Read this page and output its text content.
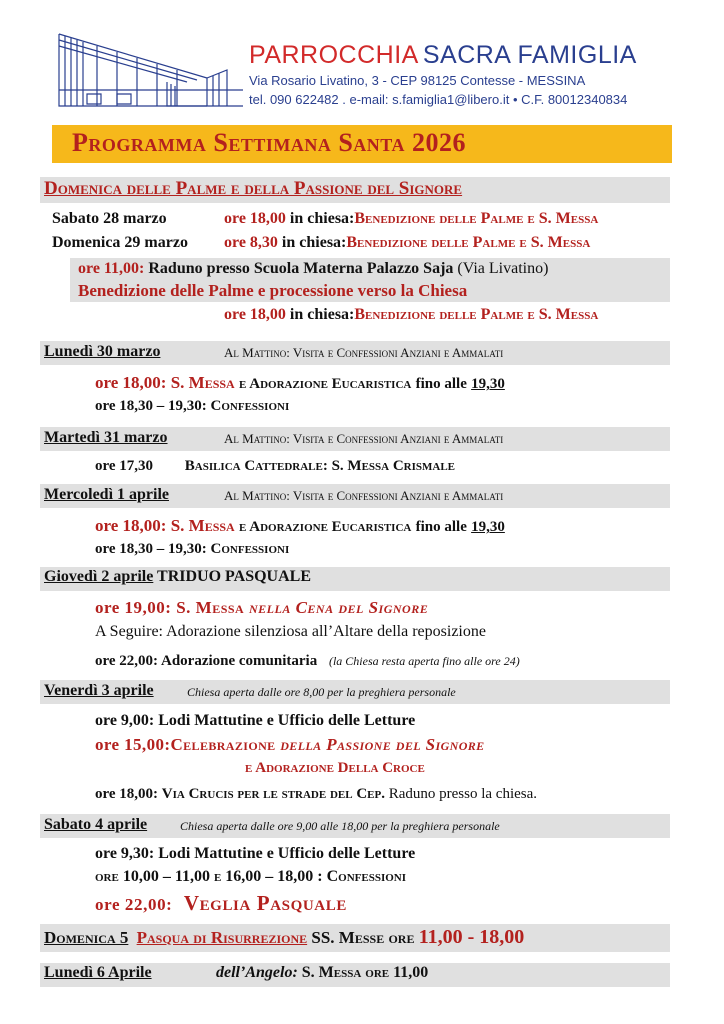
PARROCCHIA SACRA FAMIGLIA
Via Rosario Livatino, 3 - CEP 98125 Contesse - MESSINA
tel. 090 622482 . e-mail: s.famiglia1@libero.it • C.F. 80012340834
Programma Settimana Santa 2026
Domenica delle Palme e della Passione del Signore
Sabato 28 marzo	ore 18,00 in chiesa:Benedizione delle Palme e S. Messa
Domenica 29 marzo ore 8,30 in chiesa:Benedizione delle Palme e S. Messa
ore 11,00: Raduno presso Scuola Materna Palazzo Saja (Via Livatino)
Benedizione delle Palme e processione verso la Chiesa
ore 18,00 in chiesa:Benedizione delle Palme e S. Messa
Lunedì 30 marzo	Al Mattino: Visita e Confessioni Anziani e Ammalati
ore 18,00: S. Messa e Adorazione Eucaristica fino alle 19,30
ore 18,30 – 19,30: Confessioni
Martedì 31 marzo	Al Mattino: Visita e Confessioni Anziani e Ammalati
ore 17,30 Basilica Cattedrale: S. Messa Crismale
Mercoledì 1 aprile	Al Mattino: Visita e Confessioni Anziani e Ammalati
ore 18,00: S. Messa e Adorazione Eucaristica fino alle 19,30
ore 18,30 – 19,30: Confessioni
Giovedì 2 aprile TRIDUO PASQUALE
ore 19,00: S. Messa nella Cena del Signore
A Seguire: Adorazione silenziosa all’Altare della reposizione
ore 22,00: Adorazione comunitaria (la Chiesa resta aperta fino alle ore 24)
Venerdì 3 aprile	Chiesa aperta dalle ore 8,00 per la preghiera personale
ore 9,00: Lodi Mattutine e Ufficio delle Letture
ore 15,00:Celebrazione della Passione del Signore
e Adorazione Della Croce
ore 18,00: Via Crucis per le strade del Cep. Raduno presso la chiesa.
Sabato 4 aprile	Chiesa aperta dalle ore 9,00 alle 18,00 per la preghiera personale
ore 9,30: Lodi Mattutine e Ufficio delle Letture
ore 10,00 – 11,00 e 16,00 – 18,00 : Confessioni
ore 22,00: Veglia Pasquale
Domenica 5 Pasqua di Risurrezione SS. Messe ore 11,00 - 18,00
Lunedì 6 Aprile	dell’Angelo: S. Messa ore 11,00
